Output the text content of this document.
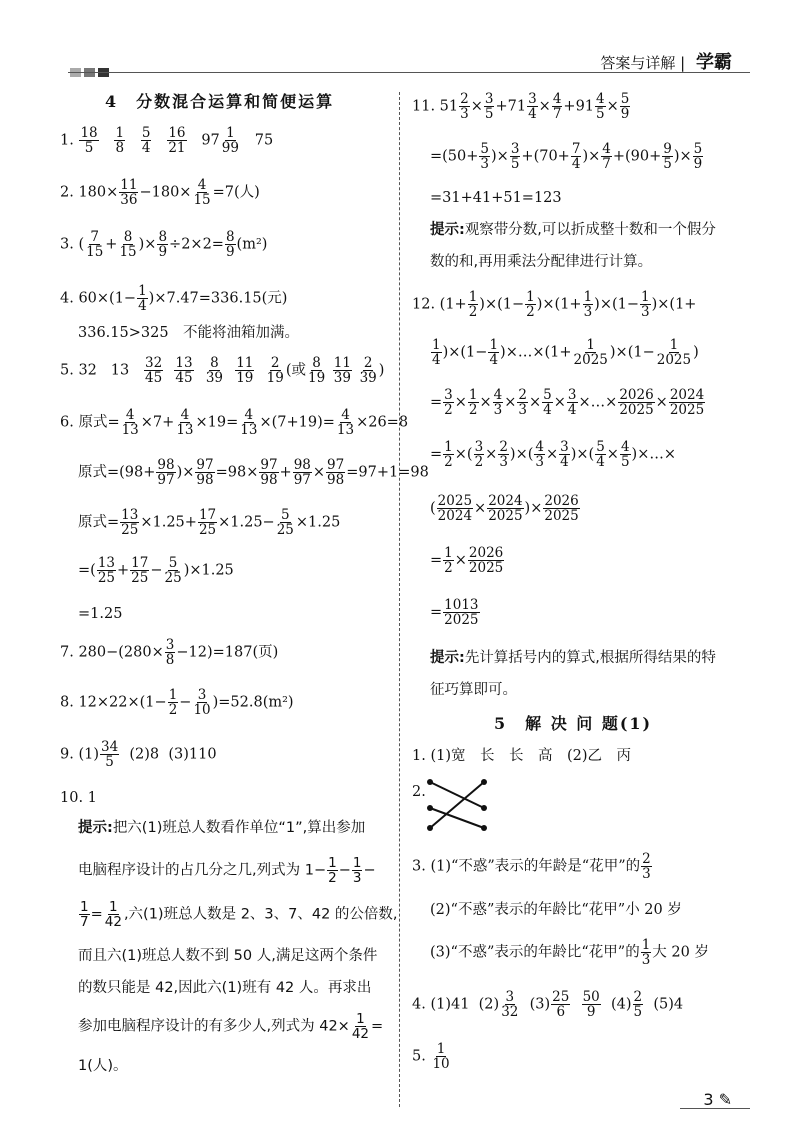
答案与详解 | 学霸
4　分数混合运算和简便运算
1. $\frac{18}{5}$
$\frac{1}{8}$
$\frac{5}{4}$
$\frac{16}{21} 97 \frac{1}{99} 75$
2. $180\times \frac{11}{36} -180\times \frac{4}{15} =7$(人)
3. ( $\frac{7}{15} + \frac{8}{15}$ )× $\frac{8}{9} \div 2\times 2= \frac{8}{9} (m^2)$
4. $60\times(1- \frac{1}{4} )\times 7.47=336.15$(元)
336.15>325　不能将油箱加满。
5. 32   $13 \frac{32}{45}$
$\frac{13}{45}$
$\frac{8}{39}$
$\frac{11}{19}$
$\frac{2}{19}$ (或 $\frac{8}{19}$
$\frac{11}{39}$
$\frac{2}{39}$ )
6. 原式= $\frac{4}{13} \times 7+ \frac{4}{13} \times 19= \frac{4}{13} \times(7+19)= \frac{4}{13} \times 26=8$
原式$=(98+ \frac{98}{97}$ )× $\frac{97}{98} =98\times \frac{97}{98} + \frac{98}{97} \times \frac{97}{98} =97+1=98$
原式= $\frac{13}{25} \times 1.25+ \frac{17}{25} \times 1.25- \frac{5}{25} \times 1.25$
=( $\frac{13}{25} + \frac{17}{25} - \frac{5}{25} )\times 1.25$
=1.25
7. $280-(280\times \frac{3}{8} -12)=187$(页)
8. $12\times 22\times(1- \frac{1}{2} - \frac{3}{10} )=52.8(m^2)$
9. $(1) \frac{34}{5} (2)8$  (3)110
10. 1
提示:把六(1)班总人数看作单位“1”,算出参加
电脑程序设计的占几分之几,列式为 $1- \frac{1}{2} - \frac{1}{3}$ −
$\frac{1}{7} = \frac{1}{42}$ ,六(1)班总人数是 2、3、7、42 的公倍数,
而且六(1)班总人数不到 50 人,满足这两个条件
的数只能是 42,因此六(1)班有 42 人。再求出
参加电脑程序设计的有多少人,列式为 $42\times \frac{1}{42}$ =
1(人)。
11. $51 \frac{2}{3} \times \frac{3}{5} +71 \frac{3}{4} \times \frac{4}{7} +91 \frac{4}{5} \times \frac{5}{9}$
$=(50+ \frac{5}{3}$ )× $\frac{3}{5} +(70+ \frac{7}{4}$ )× $\frac{4}{7} +(90+ \frac{9}{5}$ )× $\frac{5}{9}$
=31+41+51=123
提示:观察带分数,可以折成整十数和一个假分
数的和,再用乘法分配律进行计算。
12. $(1+ \frac{1}{2} )\times(1- \frac{1}{2} )\times(1+ \frac{1}{3} )\times(1- \frac{1}{3} )\times(1+$
$\frac{1}{4} )\times(1- \frac{1}{4}$ )×…×(1+ $\frac{1}{2025} )\times(1- \frac{1}{2025}$ )
= $\frac{3}{2} \times \frac{1}{2} \times \frac{4}{3} \times \frac{2}{3} \times \frac{5}{4} \times \frac{3}{4}$ ×…× $\frac{2026}{2025} \times \frac{2024}{2025}$
= $\frac{1}{2}$ ×( $\frac{3}{2} \times \frac{2}{3}$ )×( $\frac{4}{3} \times \frac{3}{4}$ )×( $\frac{5}{4} \times \frac{4}{5}$ )×…×
( $\frac{2025}{2024} \times \frac{2024}{2025}$ )× $\frac{2026}{2025}$
= $\frac{1}{2} \times \frac{2026}{2025}$
= $\frac{1013}{2025}$
提示:先计算括号内的算式,根据所得结果的特
征巧算即可。
5　解 决 问 题(1)
1. (1)宽　长　长　高　(2)乙　丙
2.
3. (1)“不惑”表示的年龄是“花甲”的 $\frac{2}{3}$
(2)“不惑”表示的年龄比“花甲”小 20 岁
(3)“不惑”表示的年龄比“花甲”的 $\frac{1}{3}$ 大 20 岁
4. (1)41  $(2) \frac{3}{32} (3) \frac{25}{6}$
$\frac{50}{9} (4) \frac{2}{5} (5)4$
5. $\frac{1}{10}$
3 ✎
